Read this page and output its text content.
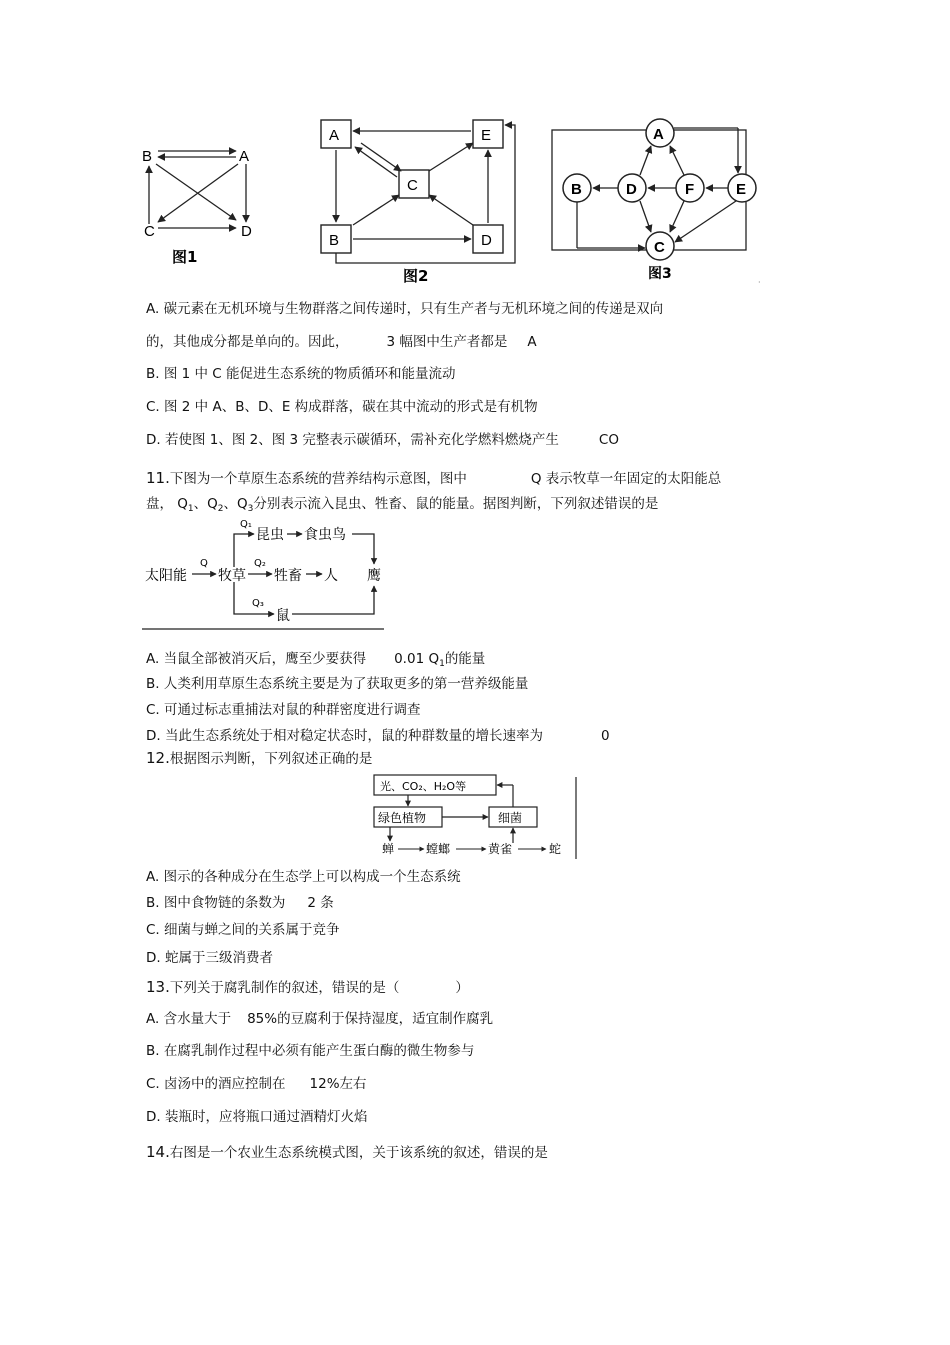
B	A
C	D
图1
A	E
C
B	D
图2
A
B	D	F	E
C
图3
·
A. 碳元素在无机环境与生物群落之间传递时，只有生产者与无机环境之间的传递是双向
的，其他成分都是单向的。因此，	3 幅图中生产者都是 A
B. 图 1 中 C 能促进生态系统的物质循环和能量流动
C. 图 2 中 A、B、D、E 构成群落，碳在其中流动的形式是有机物
D. 若使图 1、图 2、图 3 完整表示碳循环，需补充化学燃料燃烧产生	CO
11.下图为一个草原生态系统的营养结构示意图，图中	Q 表示牧草一年固定的太阳能总
盘， $Q_1$、$Q_2$、$Q_3$分别表示流入昆虫、牲畜、鼠的能量。据图判断，下列叙述错误的是
太阳能
Q
牧草
Q₁
昆虫 食虫鸟
Q₂
牲畜 人
Q₃
鼠
鹰
A. 当鼠全部被消灭后，鹰至少要获得 0.01 $Q_1$的能量
B. 人类利用草原生态系统主要是为了获取更多的第一营养级能量
C. 可通过标志重捕法对鼠的种群密度进行调查
D. 当此生态系统处于相对稳定状态时，鼠的种群数量的增长速率为	0
12.根据图示判断，下列叙述正确的是
光、CO₂、H₂O等
绿色植物	细菌
蝉	螳螂	黄雀	蛇
A. 图示的各种成分在生态学上可以构成一个生态系统
B. 图中食物链的条数为 2 条
C. 细菌与蝉之间的关系属于竞争
D. 蛇属于三级消费者
13.下列关于腐乳制作的叙述，错误的是（	）
A. 含水量大于 85%的豆腐利于保持湿度，适宜制作腐乳
B. 在腐乳制作过程中必须有能产生蛋白酶的微生物参与
C. 卤汤中的酒应控制在 12%左右
D. 装瓶时，应将瓶口通过酒精灯火焰
14.右图是一个农业生态系统模式图，关于该系统的叙述，错误的是
